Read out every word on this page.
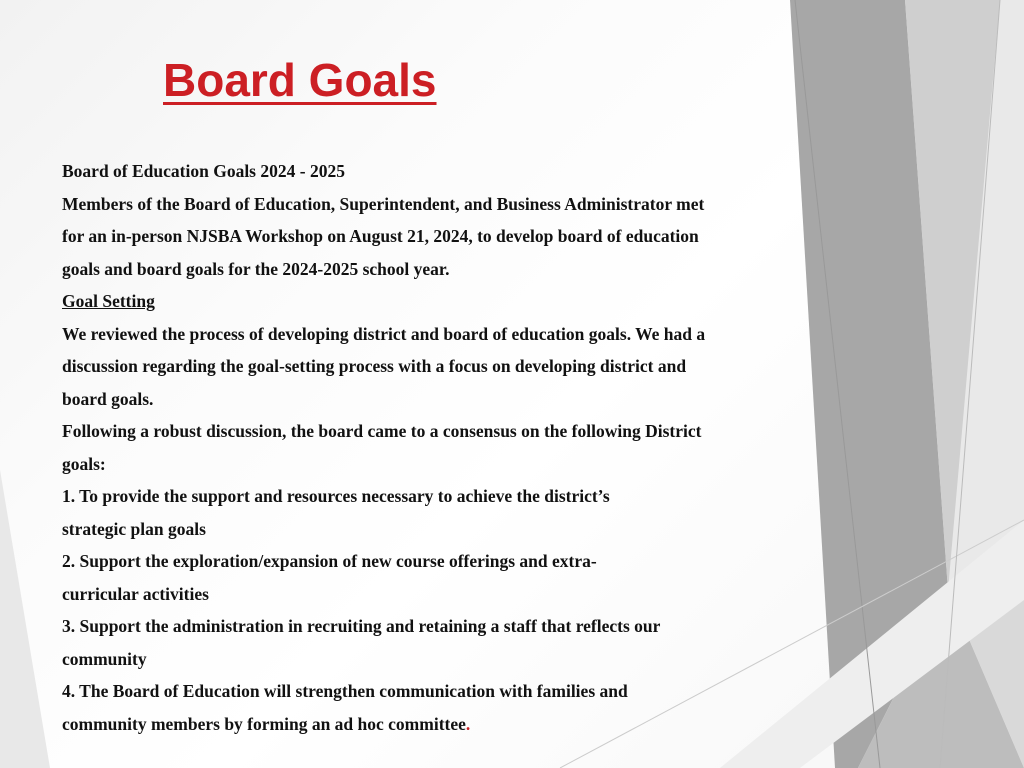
Board Goals
Board of Education Goals 2024 - 2025
Members of the Board of Education, Superintendent, and Business Administrator met
for an in-person NJSBA Workshop on August 21, 2024, to develop board of education
goals and board goals for the 2024-2025 school year.
Goal Setting
We reviewed the process of developing district and board of education goals. We had a
discussion regarding the goal-setting process with a focus on developing district and
board goals.
Following a robust discussion, the board came to a consensus on the following District
goals:
1. To provide the support and resources necessary to achieve the district’s
strategic plan goals
2. Support the exploration/expansion of new course offerings and extra-
curricular activities
3. Support the administration in recruiting and retaining a staff that reflects our
community
4. The Board of Education will strengthen communication with families and
community members by forming an ad hoc committee.
